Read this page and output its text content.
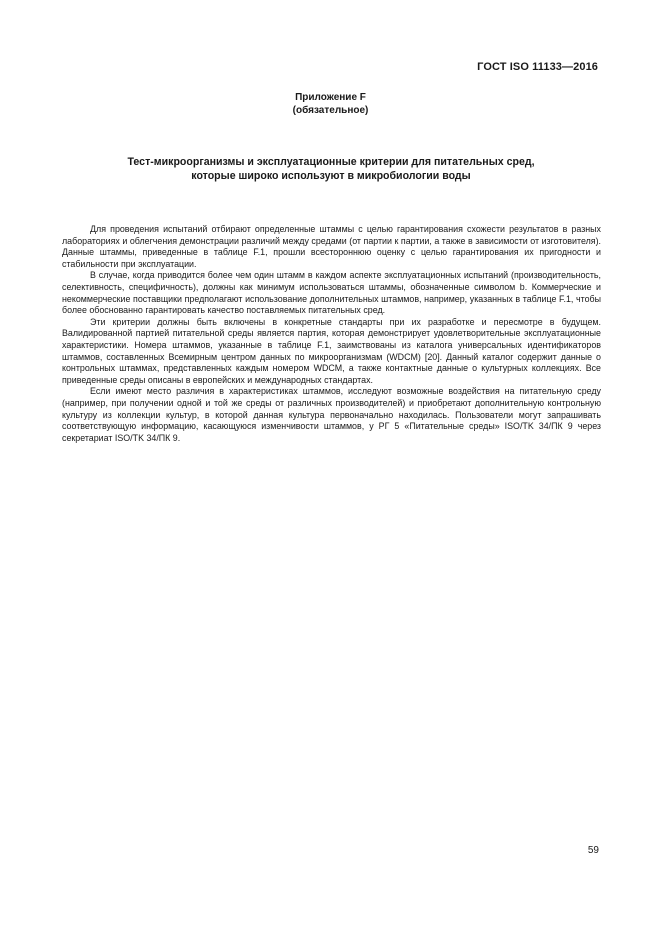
ГОСТ ISO 11133—2016
Приложение F
(обязательное)
Тест-микроорганизмы и эксплуатационные критерии для питательных сред,
которые широко используют в микробиологии воды

Для проведения испытаний отбирают определенные штаммы с целью гарантирования схожести результатов в разных лабораториях и облегчения демонстрации различий между средами (от партии к партии, а также в зависимости от изготовителя). Данные штаммы, приведенные в таблице F.1, прошли всестороннюю оценку с целью гарантирования их пригодности и стабильности при эксплуатации.

В случае, когда приводится более чем один штамм в каждом аспекте эксплуатационных испытаний (производительность, селективность, специфичность), должны как минимум использоваться штаммы, обозначенные символом b. Коммерческие и некоммерческие поставщики предполагают использование дополнительных штаммов, например, указанных в таблице F.1, чтобы более обоснованно гарантировать качество поставляемых питательных сред.

Эти критерии должны быть включены в конкретные стандарты при их разработке и пересмотре в будущем. Валидированной партией питательной среды является партия, которая демонстрирует удовлетворительные эксплуатационные характеристики. Номера штаммов, указанные в таблице F.1, заимствованы из каталога универсальных идентификаторов штаммов, составленных Всемирным центром данных по микроорганизмам (WDCM) [20]. Данный каталог содержит данные о контрольных штаммах, представленных каждым номером WDCM, а также контактные данные о культурных коллекциях. Все приведенные среды описаны в европейских и международных стандартах.

Если имеют место различия в характеристиках штаммов, исследуют возможные воздействия на питательную среду (например, при получении одной и той же среды от различных производителей) и приобретают дополнительную контрольную культуру из коллекции культур, в которой данная культура первоначально находилась. Пользователи могут запрашивать соответствующую информацию, касающуюся изменчивости штаммов, у РГ 5 «Питательные среды» ISO/TK 34/ПК 9 через секретариат ISO/TK 34/ПК 9.

59
